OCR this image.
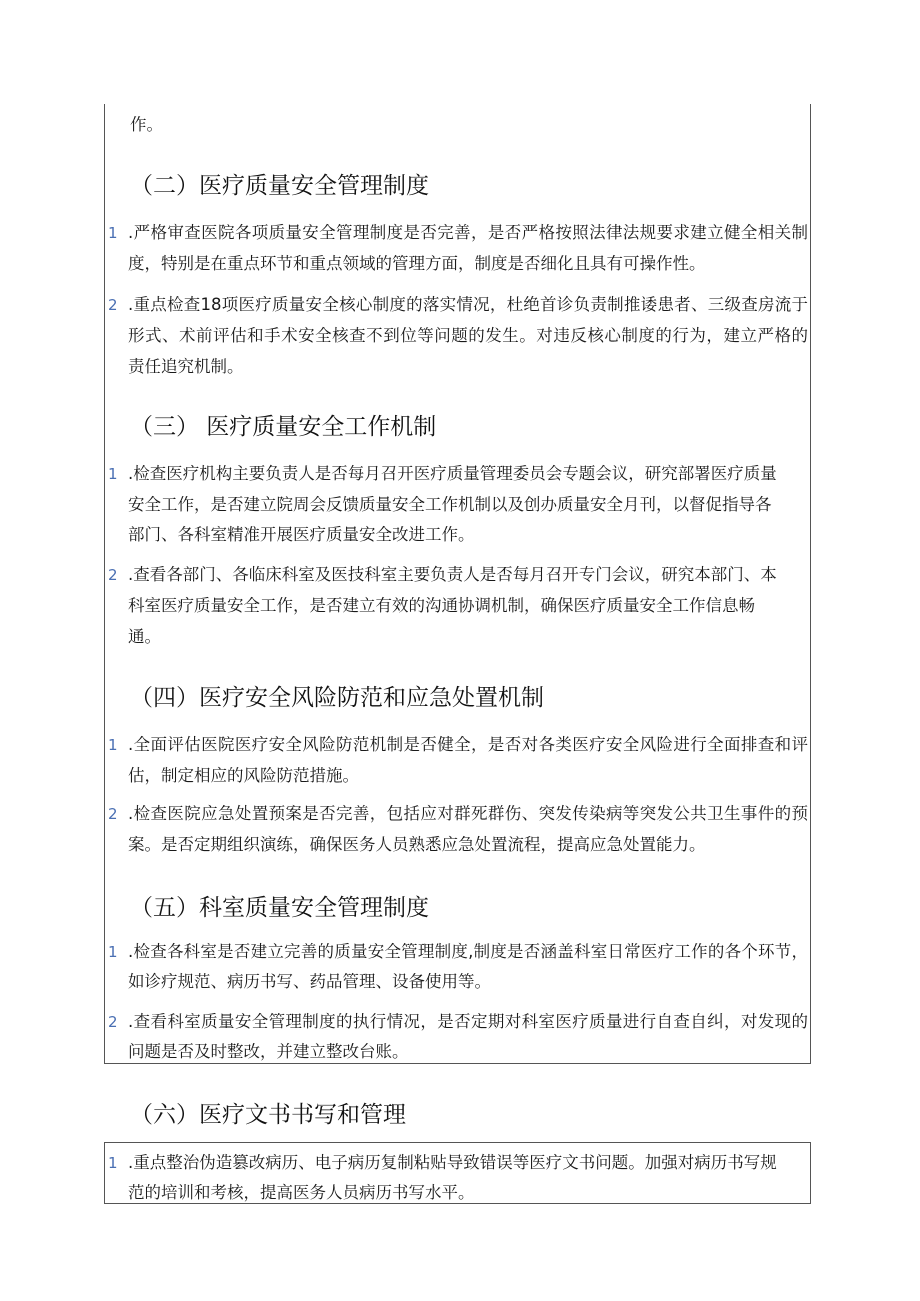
作。
（二）医疗质量安全管理制度
1 .严格审查医院各项质量安全管理制度是否完善，是否严格按照法律法规要求建立健全相关制
度，特别是在重点环节和重点领域的管理方面，制度是否细化且具有可操作性。
2 .重点检查18项医疗质量安全核心制度的落实情况，杜绝首诊负责制推诿患者、三级查房流于
形式、术前评估和手术安全核查不到位等问题的发生。对违反核心制度的行为，建立严格的
责任追究机制。
（三） 医疗质量安全工作机制
1 .检查医疗机构主要负责人是否每月召开医疗质量管理委员会专题会议，研究部署医疗质量
安全工作，是否建立院周会反馈质量安全工作机制以及创办质量安全月刊，以督促指导各
部门、各科室精准开展医疗质量安全改进工作。
2 .查看各部门、各临床科室及医技科室主要负责人是否每月召开专门会议，研究本部门、本
科室医疗质量安全工作，是否建立有效的沟通协调机制，确保医疗质量安全工作信息畅
通。
（四）医疗安全风险防范和应急处置机制
1 .全面评估医院医疗安全风险防范机制是否健全，是否对各类医疗安全风险进行全面排查和评
估，制定相应的风险防范措施。
2 .检查医院应急处置预案是否完善，包括应对群死群伤、突发传染病等突发公共卫生事件的预
案。是否定期组织演练，确保医务人员熟悉应急处置流程，提高应急处置能力。
（五）科室质量安全管理制度
1 .检查各科室是否建立完善的质量安全管理制度,制度是否涵盖科室日常医疗工作的各个环节，
如诊疗规范、病历书写、药品管理、设备使用等。
2 .查看科室质量安全管理制度的执行情况，是否定期对科室医疗质量进行自查自纠，对发现的
问题是否及时整改，并建立整改台账。
（六）医疗文书书写和管理
1 .重点整治伪造篡改病历、电子病历复制粘贴导致错误等医疗文书问题。加强对病历书写规
范的培训和考核，提高医务人员病历书写水平。
